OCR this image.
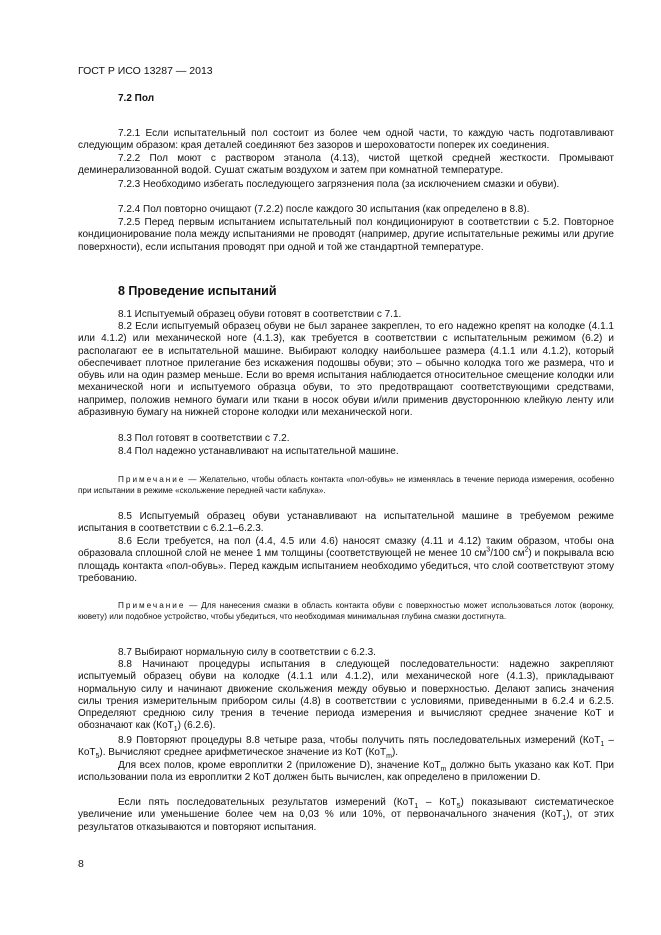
ГОСТ Р ИСО 13287 — 2013
7.2 Пол
7.2.1 Если испытательный пол состоит из более чем одной части, то каждую часть подготавливают следующим образом: края деталей соединяют без зазоров и шероховатости поперек их соединения.
7.2.2 Пол моют с раствором этанола (4.13), чистой щеткой средней жесткости. Промывают деминерализованной водой. Сушат сжатым воздухом и затем при комнатной температуре.
7.2.3 Необходимо избегать последующего загрязнения пола (за исключением смазки и обуви).
7.2.4 Пол повторно очищают (7.2.2) после каждого 30 испытания (как определено в 8.8).
7.2.5 Перед первым испытанием испытательный пол кондиционируют в соответствии с 5.2. Повторное кондиционирование пола между испытаниями не проводят (например, другие испытательные режимы или другие поверхности), если испытания проводят при одной и той же стандартной температуре.
8 Проведение испытаний
8.1 Испытуемый образец обуви готовят в соответствии с 7.1.
8.2 Если испытуемый образец обуви не был заранее закреплен, то его надежно крепят на колодке (4.1.1 или 4.1.2) или механической ноге (4.1.3), как требуется в соответствии с испытательным режимом (6.2) и располагают ее в испытательной машине. Выбирают колодку наибольшее размера (4.1.1 или 4.1.2), который обеспечивает плотное прилегание без искажения подошвы обуви; это – обычно колодка того же размера, что и обувь или на один размер меньше. Если во время испытания наблюдается относительное смещение колодки или механической ноги и испытуемого образца обуви, то это предотвращают соответствующими средствами, например, положив немного бумаги или ткани в носок обуви и/или применив двустороннюю клейкую ленту или абразивную бумагу на нижней стороне колодки или механической ноги.
8.3 Пол готовят в соответствии с 7.2.
8.4 Пол надежно устанавливают на испытательной машине.
Примечание — Желательно, чтобы область контакта «пол-обувь» не изменялась в течение периода измерения, особенно при испытании в режиме «скольжение передней части каблука».
8.5 Испытуемый образец обуви устанавливают на испытательной машине в требуемом режиме испытания в соответствии с 6.2.1–6.2.3.
8.6 Если требуется, на пол (4.4, 4.5 или 4.6) наносят смазку (4.11 и 4.12) таким образом, чтобы она образовала сплошной слой не менее 1 мм толщины (соответствующей не менее 10 $см^3/100$ $см^2$) и покрывала всю площадь контакта «пол-обувь». Перед каждым испытанием необходимо убедиться, что слой соответствуют этому требованию.
Примечание — Для нанесения смазки в область контакта обуви с поверхностью может использоваться лоток (воронку, кювету) или подобное устройство, чтобы убедиться, что необходимая минимальная глубина смазки достигнута.
8.7 Выбирают нормальную силу в соответствии с 6.2.3.
8.8 Начинают процедуры испытания в следующей последовательности: надежно закрепляют испытуемый образец обуви на колодке (4.1.1 или 4.1.2), или механической ноге (4.1.3), прикладывают нормальную силу и начинают движение скольжения между обувью и поверхностью. Делают запись значения силы трения измерительным прибором силы (4.8) в соответствии с условиями, приведенными в 6.2.4 и 6.2.5. Определяют среднюю силу трения в течение периода измерения и вычисляют среднее значение КоТ и обозначают как (КоТ$_1$) (6.2.6).
8.9 Повторяют процедуры 8.8 четыре раза, чтобы получить пять последовательных измерений (КоТ$_1$ – КоТ$_5$). Вычисляют среднее арифметическое значение из КоТ (КоТ$_m$).
Для всех полов, кроме европлитки 2 (приложение D), значение КоТ$_m$ должно быть указано как КоТ. При использовании пола из европлитки 2 КоТ должен быть вычислен, как определено в приложении D.
Если пять последовательных результатов измерений (КоТ$_1$ – КоТ$_5$) показывают систематическое увеличение или уменьшение более чем на 0,03 % или 10%, от первоначального значения (КоТ$_1$), от этих результатов отказываются и повторяют испытания.
8
